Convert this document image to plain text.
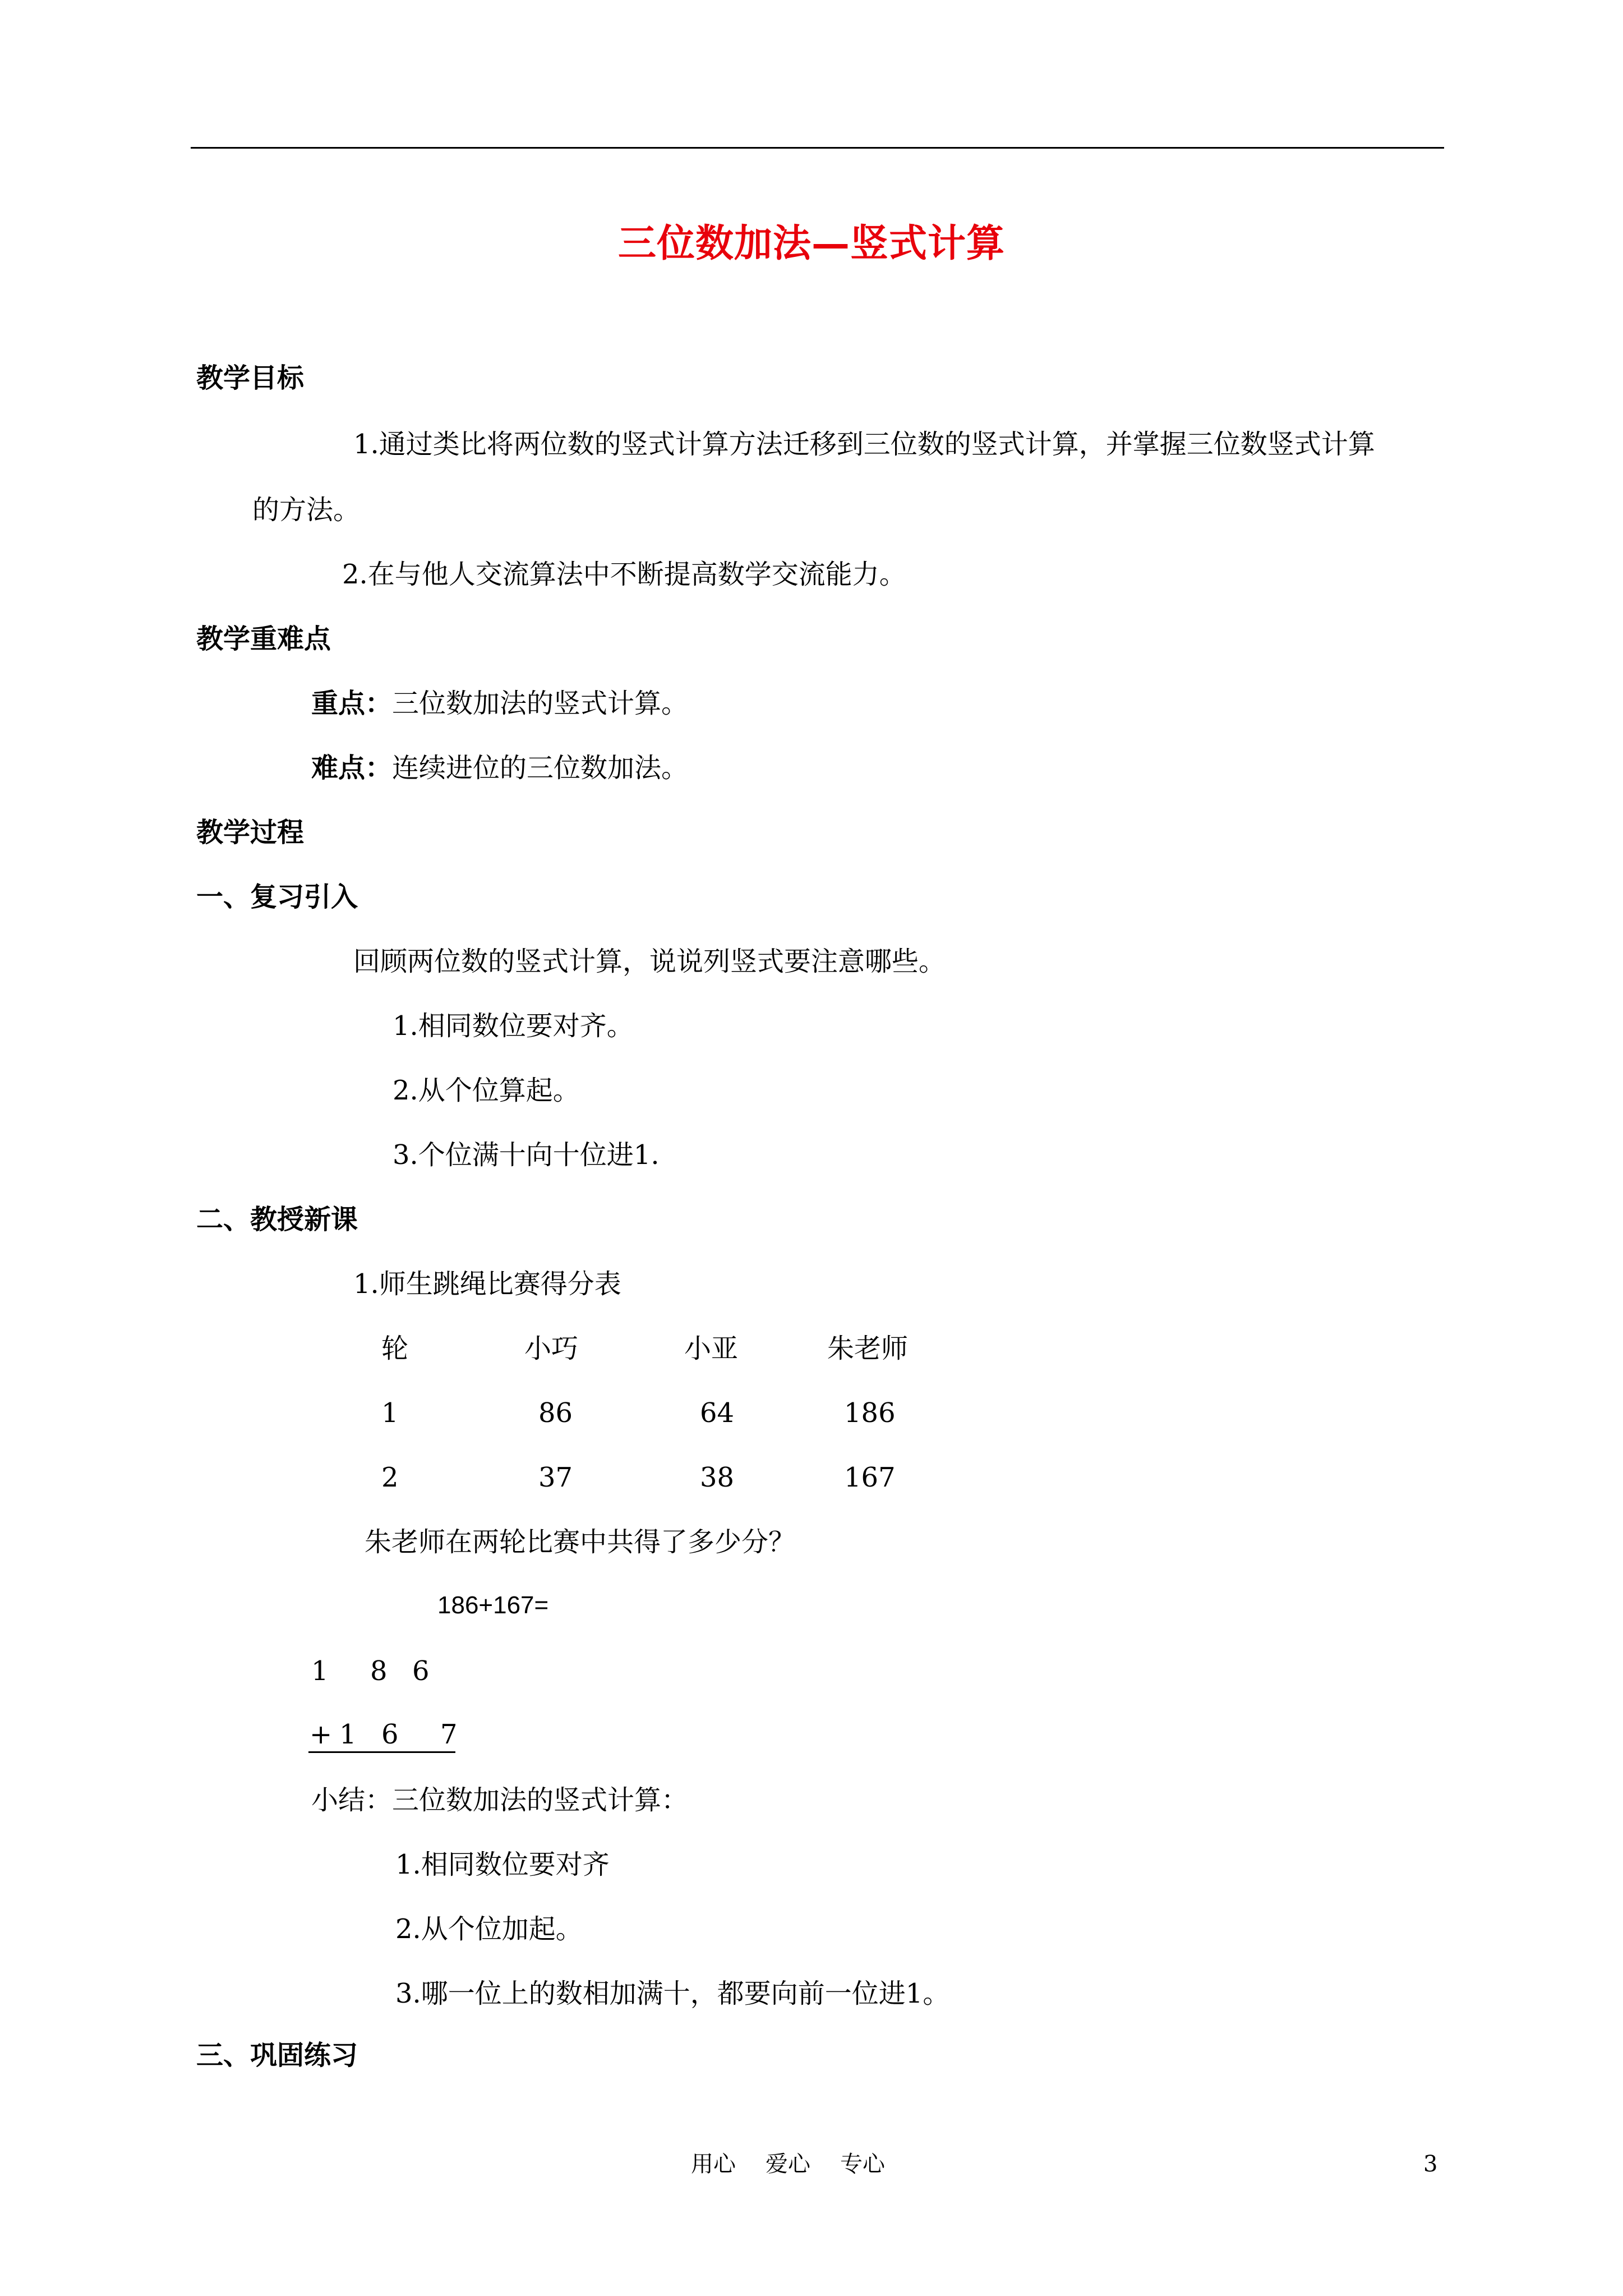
三位数加法—竖式计算
教学目标
1.通过类比将两位数的竖式计算方法迁移到三位数的竖式计算，并掌握三位数竖式计算
的方法。
2.在与他人交流算法中不断提高数学交流能力。
教学重难点
重点：三位数加法的竖式计算。
难点：连续进位的三位数加法。
教学过程
一、复习引入
回顾两位数的竖式计算，说说列竖式要注意哪些。
1.相同数位要对齐。
2.从个位算起。
3.个位满十向十位进1.
二、教授新课
1.师生跳绳比赛得分表
轮	小巧	小亚	朱老师
1	86	64	186
2	37	38	167
朱老师在两轮比赛中共得了多少分？
186+167=
1 8 6
+ 1 6 7
小结：三位数加法的竖式计算：
1.相同数位要对齐
2.从个位加起。
3.哪一位上的数相加满十，都要向前一位进1。
三、巩固练习
用心 爱心 专心	3
